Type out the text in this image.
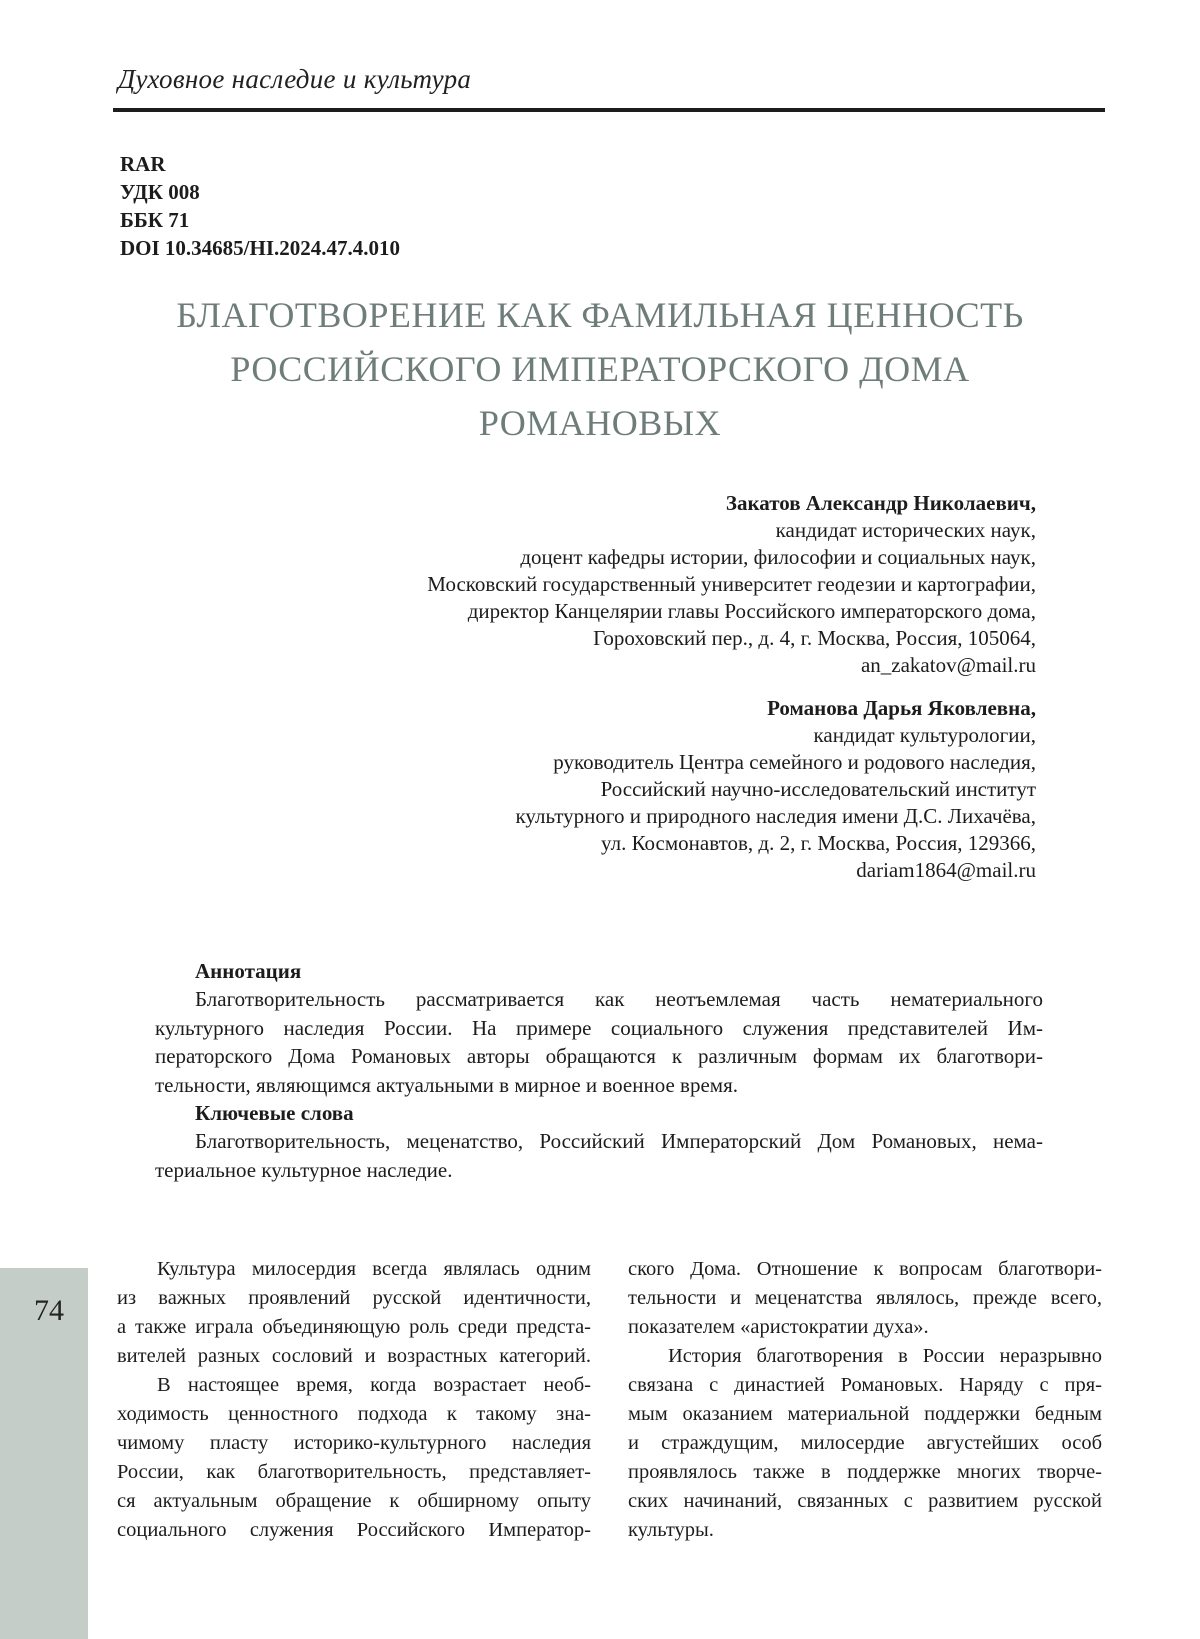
Духовное наследие и культура
RAR
УДК 008
ББК 71
DOI 10.34685/HI.2024.47.4.010
БЛАГОТВОРЕНИЕ КАК ФАМИЛЬНАЯ ЦЕННОСТЬ
РОССИЙСКОГО ИМПЕРАТОРСКОГО ДОМА
РОМАНОВЫХ
Закатов Александр Николаевич,
кандидат исторических наук,
доцент кафедры истории, философии и социальных наук,
Московский государственный университет геодезии и картографии,
директор Канцелярии главы Российского императорского дома,
Гороховский пер., д. 4, г. Москва, Россия, 105064,
an_zakatov@mail.ru
Романова Дарья Яковлевна,
кандидат культурологии,
руководитель Центра семейного и родового наследия,
Российский научно-исследовательский институт
культурного и природного наследия имени Д.С. Лихачёва,
ул. Космонавтов, д. 2, г. Москва, Россия, 129366,
dariam1864@mail.ru
Аннотация
Благотворительность рассматривается как неотъемлемая часть нематериального
культурного наследия России. На примере социального служения представителей Им-
ператорского Дома Романовых авторы обращаются к различным формам их благотвори-
тельности, являющимся актуальными в мирное и военное время.
Ключевые слова
Благотворительность, меценатство, Российский Императорский Дом Романовых, нема-
териальное культурное наследие.
Культура милосердия всегда являлась одним
из важных проявлений русской идентичности,
а также играла объединяющую роль среди предста-
вителей разных сословий и возрастных категорий.
В настоящее время, когда возрастает необ-
ходимость ценностного подхода к такому зна-
чимому пласту историко-культурного наследия
России, как благотворительность, представляет-
ся актуальным обращение к обширному опыту
социального служения Российского Император-
ского Дома. Отношение к вопросам благотвори-
тельности и меценатства являлось, прежде всего,
показателем «аристократии духа».
История благотворения в России неразрывно
связана с династией Романовых. Наряду с пря-
мым оказанием материальной поддержки бедным
и страждущим, милосердие августейших особ
проявлялось также в поддержке многих творче-
ских начинаний, связанных с развитием русской
культуры.
74
